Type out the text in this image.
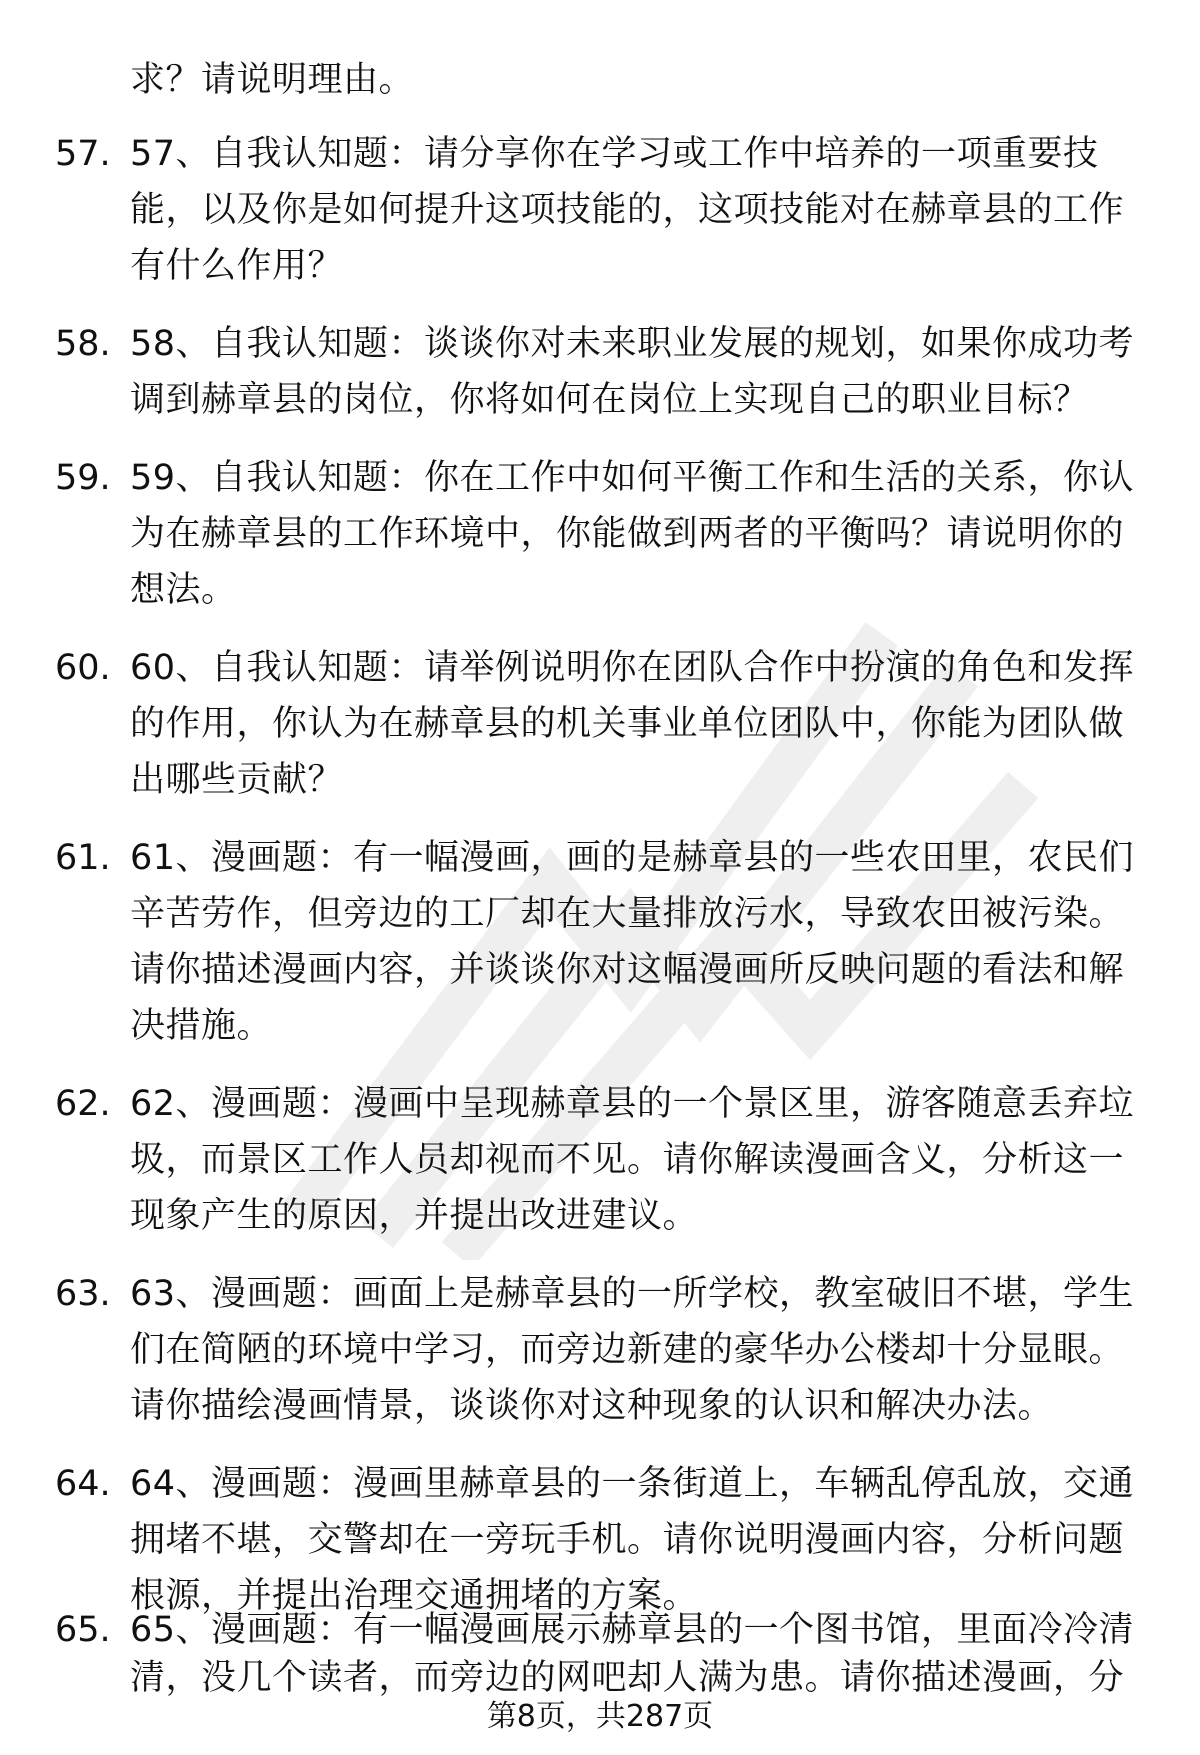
求？请说明理由。
57. 57、自我认知题：请分享你在学习或工作中培养的一项重要技
能，以及你是如何提升这项技能的，这项技能对在赫章县的工作
有什么作用？
58. 58、自我认知题：谈谈你对未来职业发展的规划，如果你成功考
调到赫章县的岗位，你将如何在岗位上实现自己的职业目标？
59. 59、自我认知题：你在工作中如何平衡工作和生活的关系，你认
为在赫章县的工作环境中，你能做到两者的平衡吗？请说明你的
想法。
60. 60、自我认知题：请举例说明你在团队合作中扮演的角色和发挥
的作用，你认为在赫章县的机关事业单位团队中，你能为团队做
出哪些贡献？
61. 61、漫画题：有一幅漫画，画的是赫章县的一些农田里，农民们
辛苦劳作，但旁边的工厂却在大量排放污水，导致农田被污染。
请你描述漫画内容，并谈谈你对这幅漫画所反映问题的看法和解
决措施。
62. 62、漫画题：漫画中呈现赫章县的一个景区里，游客随意丢弃垃
圾，而景区工作人员却视而不见。请你解读漫画含义，分析这一
现象产生的原因，并提出改进建议。
63. 63、漫画题：画面上是赫章县的一所学校，教室破旧不堪，学生
们在简陋的环境中学习，而旁边新建的豪华办公楼却十分显眼。
请你描绘漫画情景，谈谈你对这种现象的认识和解决办法。
64. 64、漫画题：漫画里赫章县的一条街道上，车辆乱停乱放，交通
拥堵不堪，交警却在一旁玩手机。请你说明漫画内容，分析问题
根源，并提出治理交通拥堵的方案。
65. 65、漫画题：有一幅漫画展示赫章县的一个图书馆，里面冷冷清
清，没几个读者，而旁边的网吧却人满为患。请你描述漫画，分
第8页，共287页
